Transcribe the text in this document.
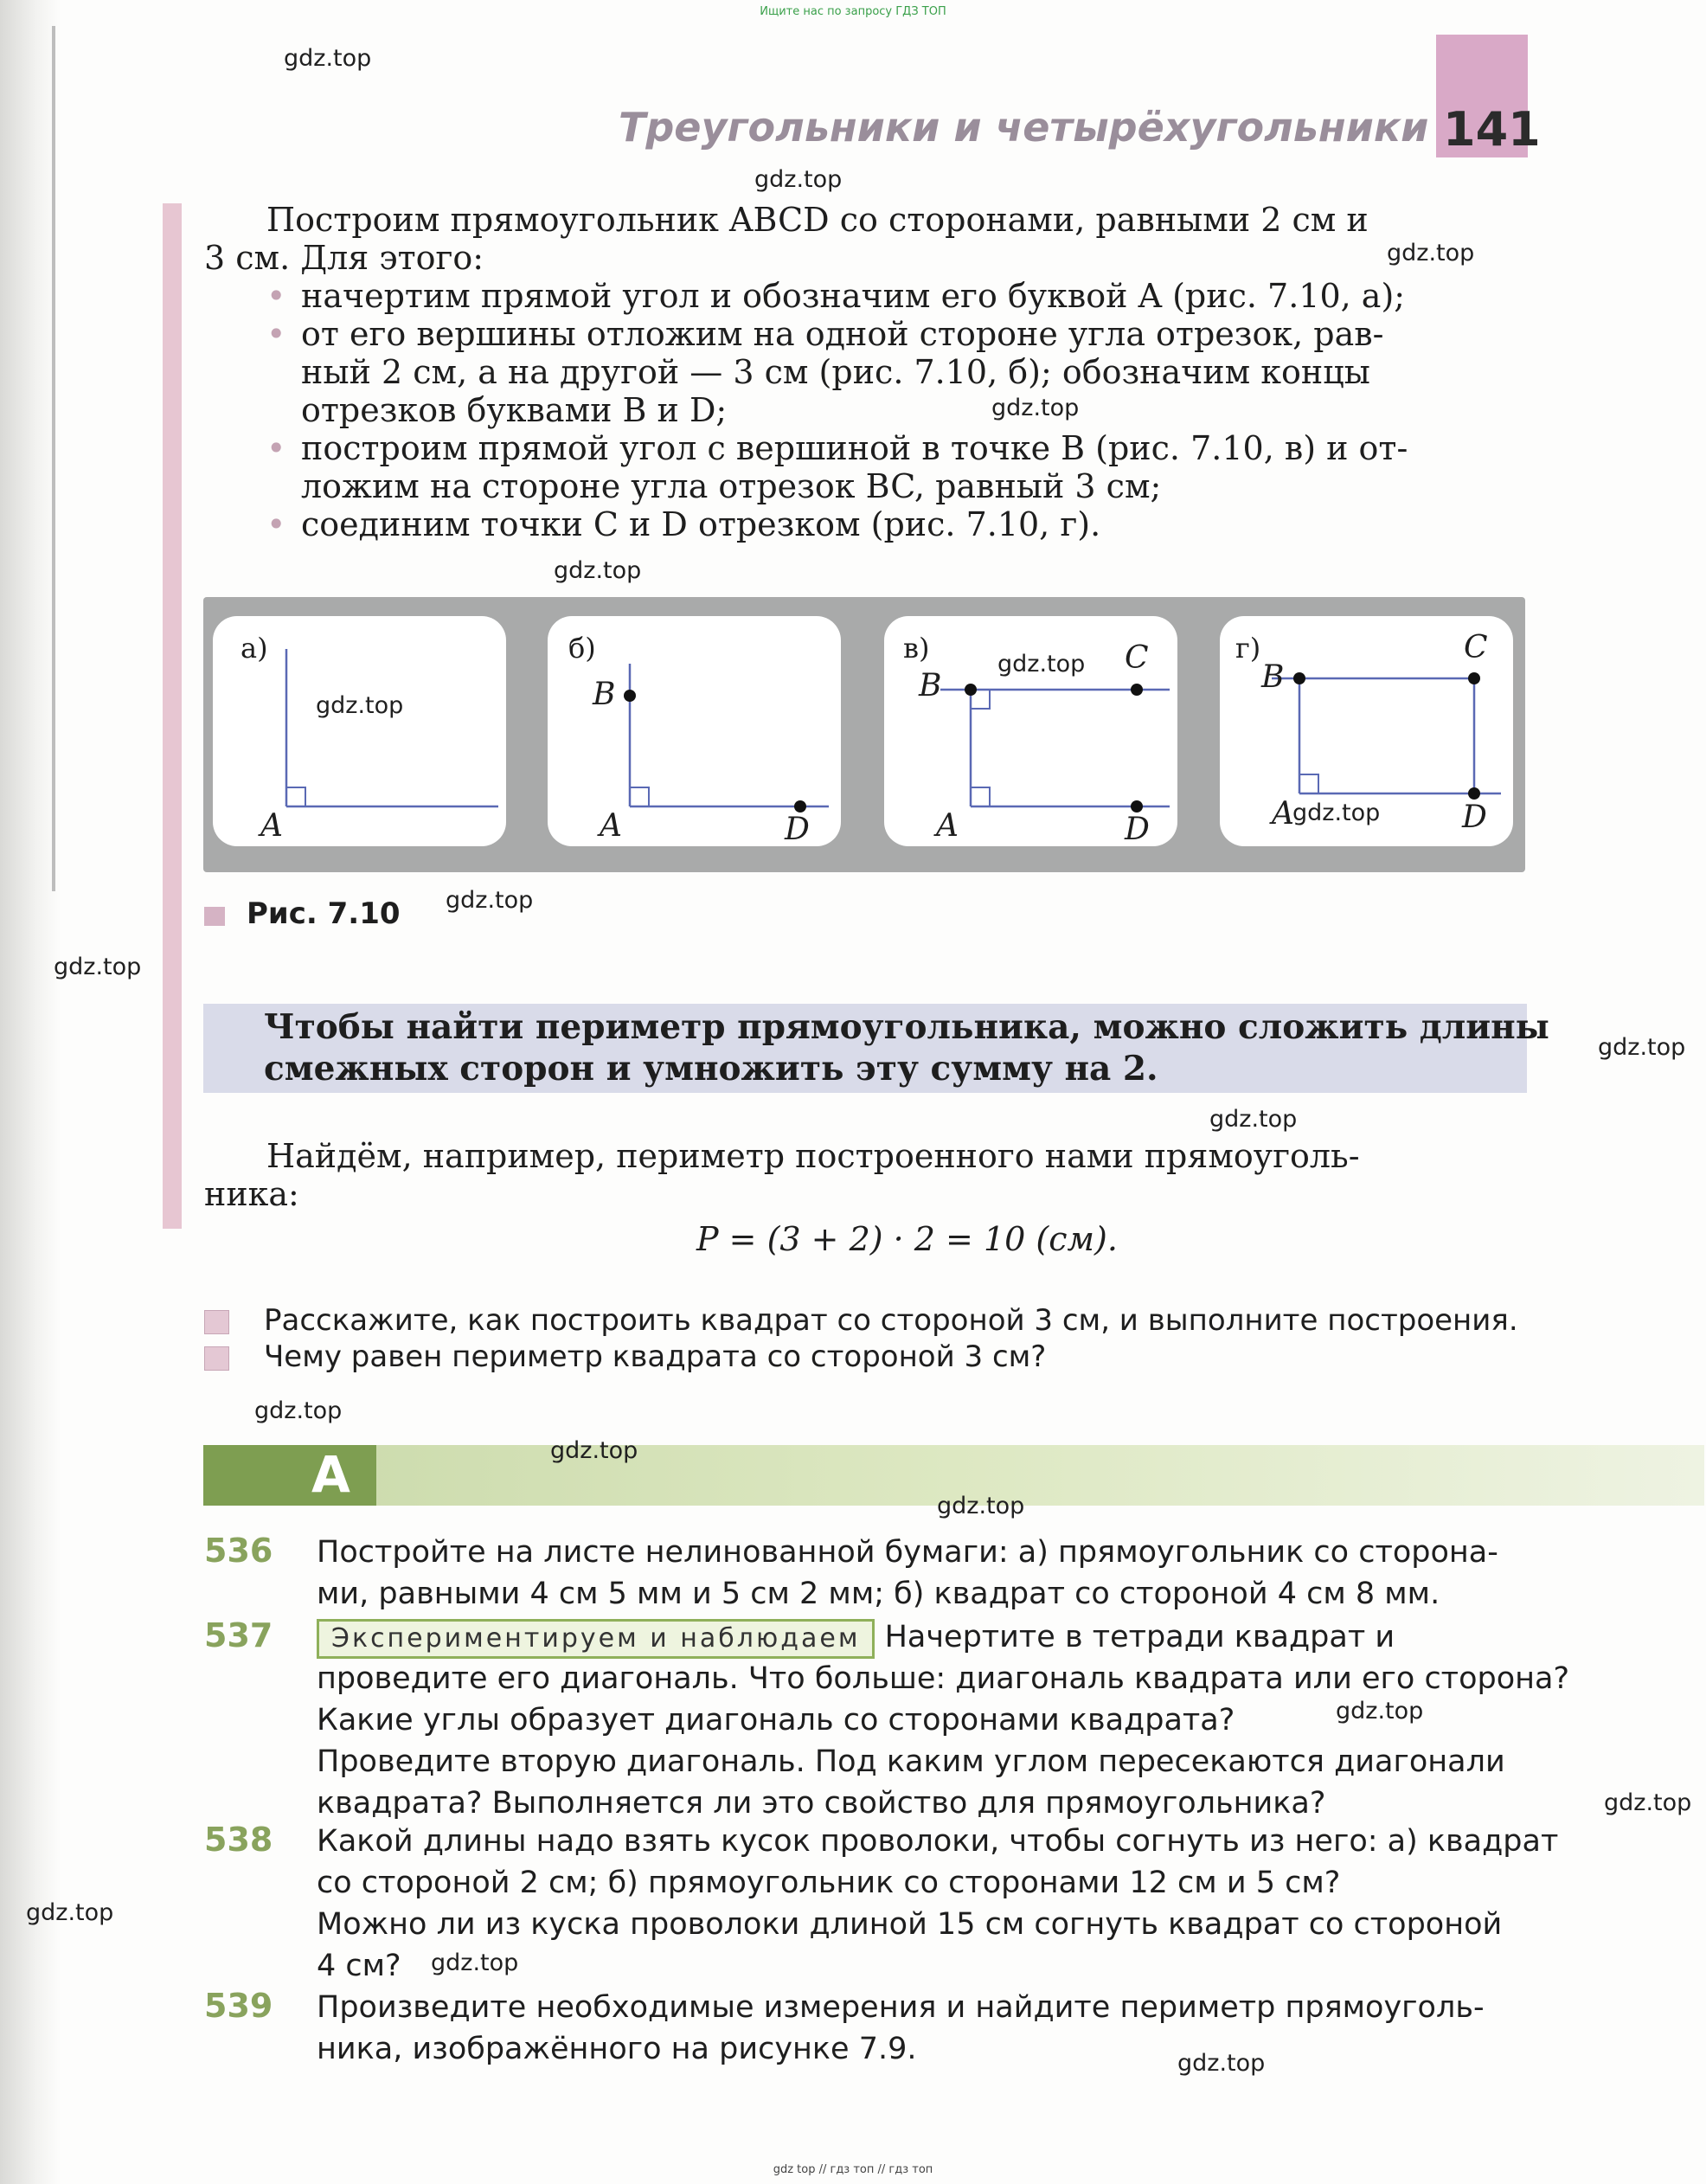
Ищите нас по запросу ГДЗ ТОП
gdz top // гдз топ // гдз топ
Треугольники и четырёхугольники 141
Построим прямоугольник ABCD со сторонами, равными 2 см и
3 см. Для этого:
• начертим прямой угол и обозначим его буквой A (рис. 7.10, а);
• от его вершины отложим на одной стороне угла отрезок, рав-
ный 2 см, а на другой — 3 см (рис. 7.10, б); обозначим концы
отрезков буквами B и D;
• построим прямой угол с вершиной в точке B (рис. 7.10, в) и от-
ложим на стороне угла отрезок BC, равный 3 см;
• соединим точки C и D отрезком (рис. 7.10, г).
а)
A
б)
B
A	D
в)
B
C
A	D
г)
B
C
A	D
Рис. 7.10
Чтобы найти периметр прямоугольника, можно сложить длины
смежных сторон и умножить эту сумму на 2.
Найдём, например, периметр построенного нами прямоуголь-
ника:
P = (3 + 2) · 2 = 10 (см).
Расскажите, как построить квадрат со стороной 3 см, и выполните построения.
Чему равен периметр квадрата со стороной 3 см?
A
536 Постройте на листе нелинованной бумаги: а) прямоугольник со сторона-
ми, равными 4 см 5 мм и 5 см 2 мм; б) квадрат со стороной 4 см 8 мм.
537	Экспериментируем и наблюдаем Начертите в тетради квадрат и
проведите его диагональ. Что больше: диагональ квадрата или его сторона?
Какие углы образует диагональ со сторонами квадрата?
Проведите вторую диагональ. Под каким углом пересекаются диагонали
квадрата? Выполняется ли это свойство для прямоугольника?
538 Какой длины надо взять кусок проволоки, чтобы согнуть из него: а) квадрат
со стороной 2 см; б) прямоугольник со сторонами 12 см и 5 см?
Можно ли из куска проволоки длиной 15 см согнуть квадрат со стороной
4 см?
539 Произведите необходимые измерения и найдите периметр прямоуголь-
ника, изображённого на рисунке 7.9.
gdz.top
gdz.top
gdz.top
gdz.top
gdz.top
gdz.top
gdz.top
gdz.top
gdz.top
gdz.top
gdz.top
gdz.top
gdz.top
gdz.top
gdz.top
gdz.top
gdz.top
gdz.top
gdz.top
gdz.top
